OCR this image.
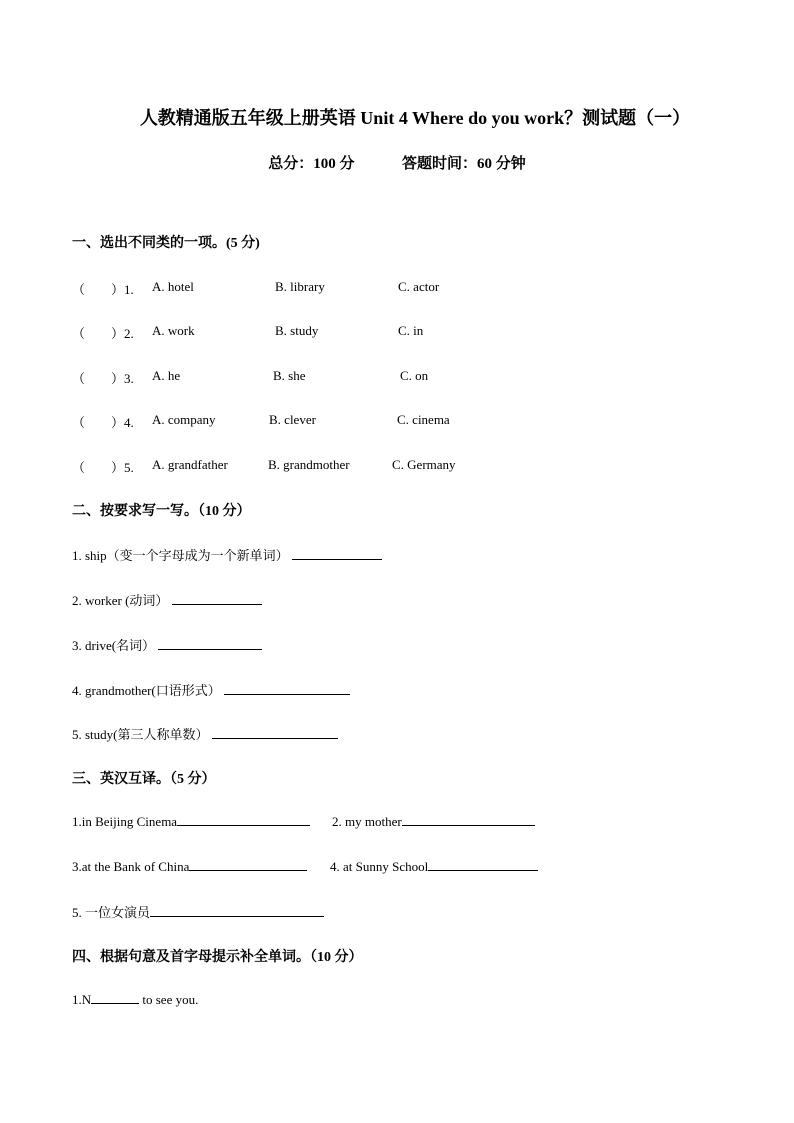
人教精通版五年级上册英语 Unit 4 Where do you work？测试题（一）
总分：100 分	答题时间：60 分钟
一、选出不同类的一项。(5 分)
（　　）1. A. hotel	B. library	C. actor
（　　）2. A. work	B. study	C. in
（　　）3. A. he	B. she	C. on
（　　）4. A. company	B. clever	C. cinema
（　　）5. A. grandfather	B. grandmother	C. Germany
二、按要求写一写。（10 分）
1. ship（变一个字母成为一个新单词）
2. worker (动词）
3. drive(名词）
4. grandmother(口语形式）
5. study(第三人称单数）
三、英汉互译。（5 分）
1.in Beijing Cinema	2. my mother
3.at the Bank of China	4. at Sunny School
5. 一位女演员
四、根据句意及首字母提示补全单词。（10 分）
1.N	to see you.
